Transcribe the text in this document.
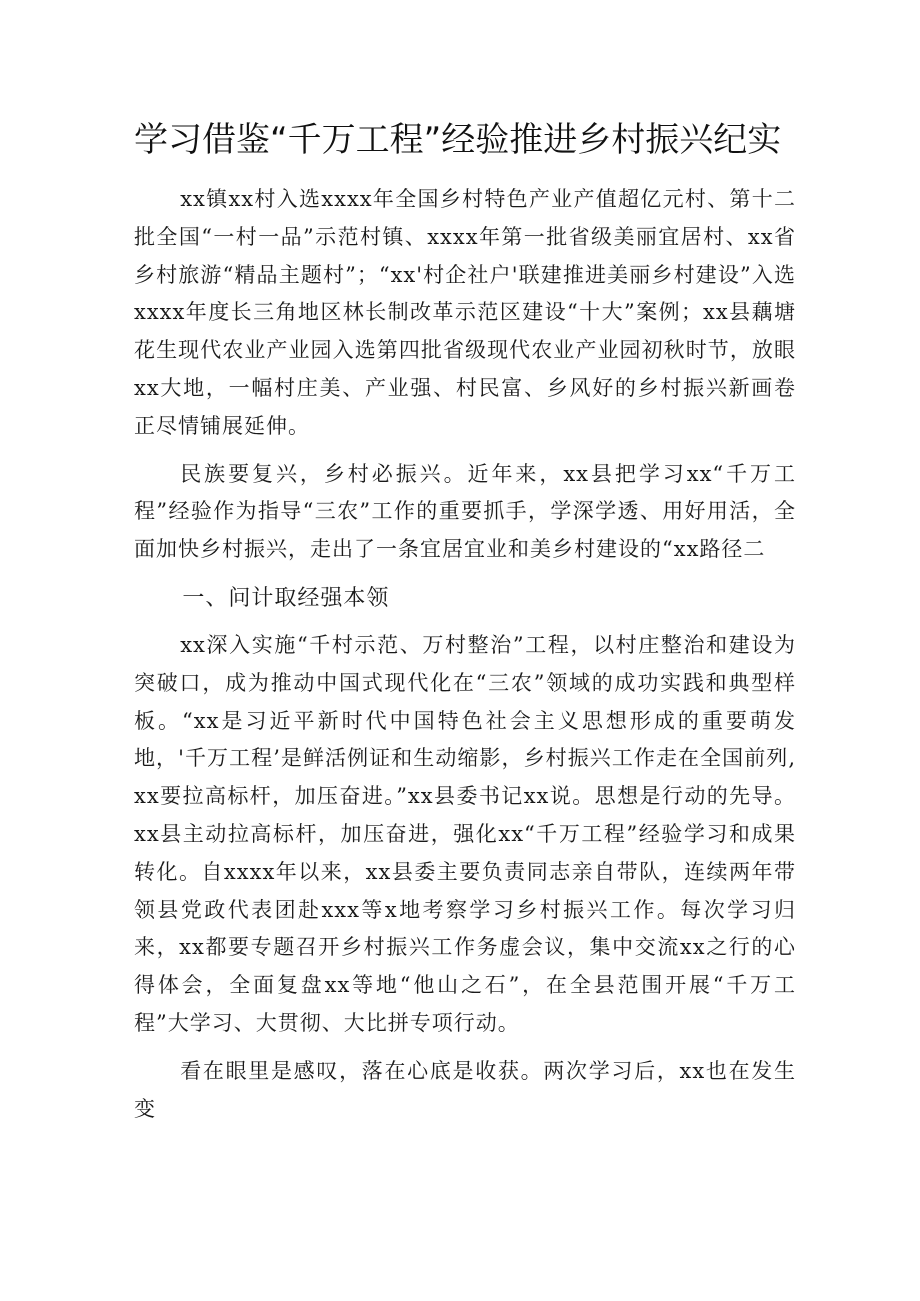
学习借鉴“千万工程”经验推进乡村振兴纪实

xx镇xx村入选xxxx年全国乡村特色产业产值超亿元村、第十二批全国“一村一品”示范村镇、xxxx年第一批省级美丽宜居村、xx省乡村旅游“精品主题村”；“xx'村企社户'联建推进美丽乡村建设”入选xxxx年度长三角地区林长制改革示范区建设“十大”案例；xx县藕塘花生现代农业产业园入选第四批省级现代农业产业园初秋时节，放眼xx大地，一幅村庄美、产业强、村民富、乡风好的乡村振兴新画卷正尽情铺展延伸。

民族要复兴，乡村必振兴。近年来，xx县把学习xx“千万工程”经验作为指导“三农”工作的重要抓手，学深学透、用好用活，全面加快乡村振兴，走出了一条宜居宜业和美乡村建设的“xx路径二

一、问计取经强本领

xx深入实施“千村示范、万村整治”工程，以村庄整治和建设为突破口，成为推动中国式现代化在“三农”领域的成功实践和典型样板。“xx是习近平新时代中国特色社会主义思想形成的重要萌发地，'千万工程’是鲜活例证和生动缩影，乡村振兴工作走在全国前列,xx要拉高标杆，加压奋进。”xx县委书记xx说。思想是行动的先导。xx县主动拉高标杆，加压奋进，强化xx“千万工程”经验学习和成果转化。自xxxx年以来，xx县委主要负责同志亲自带队，连续两年带领县党政代表团赴xxx等x地考察学习乡村振兴工作。每次学习归来，xx都要专题召开乡村振兴工作务虚会议，集中交流xx之行的心得体会，全面复盘xx等地“他山之石”，在全县范围开展“千万工程”大学习、大贯彻、大比拼专项行动。

看在眼里是感叹，落在心底是收获。两次学习后，xx也在发生变
